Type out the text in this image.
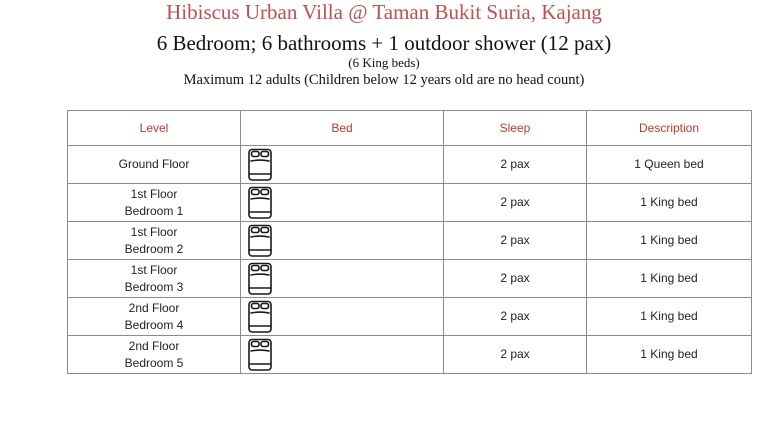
Hibiscus Urban Villa @ Taman Bukit Suria, Kajang
6 Bedroom; 6 bathrooms + 1 outdoor shower (12 pax)
(6 King beds)
Maximum 12 adults (Children below 12 years old are no head count)
Level	Bed	Sleep	Description

Ground Floor		2 pax	1 Queen bed

1st Floor
Bedroom 1		2 pax	1 King bed

1st Floor
Bedroom 2		2 pax	1 King bed

1st Floor
Bedroom 3		2 pax	1 King bed

2nd Floor
Bedroom 4		2 pax	1 King bed

2nd Floor
Bedroom 5		2 pax	1 King bed
